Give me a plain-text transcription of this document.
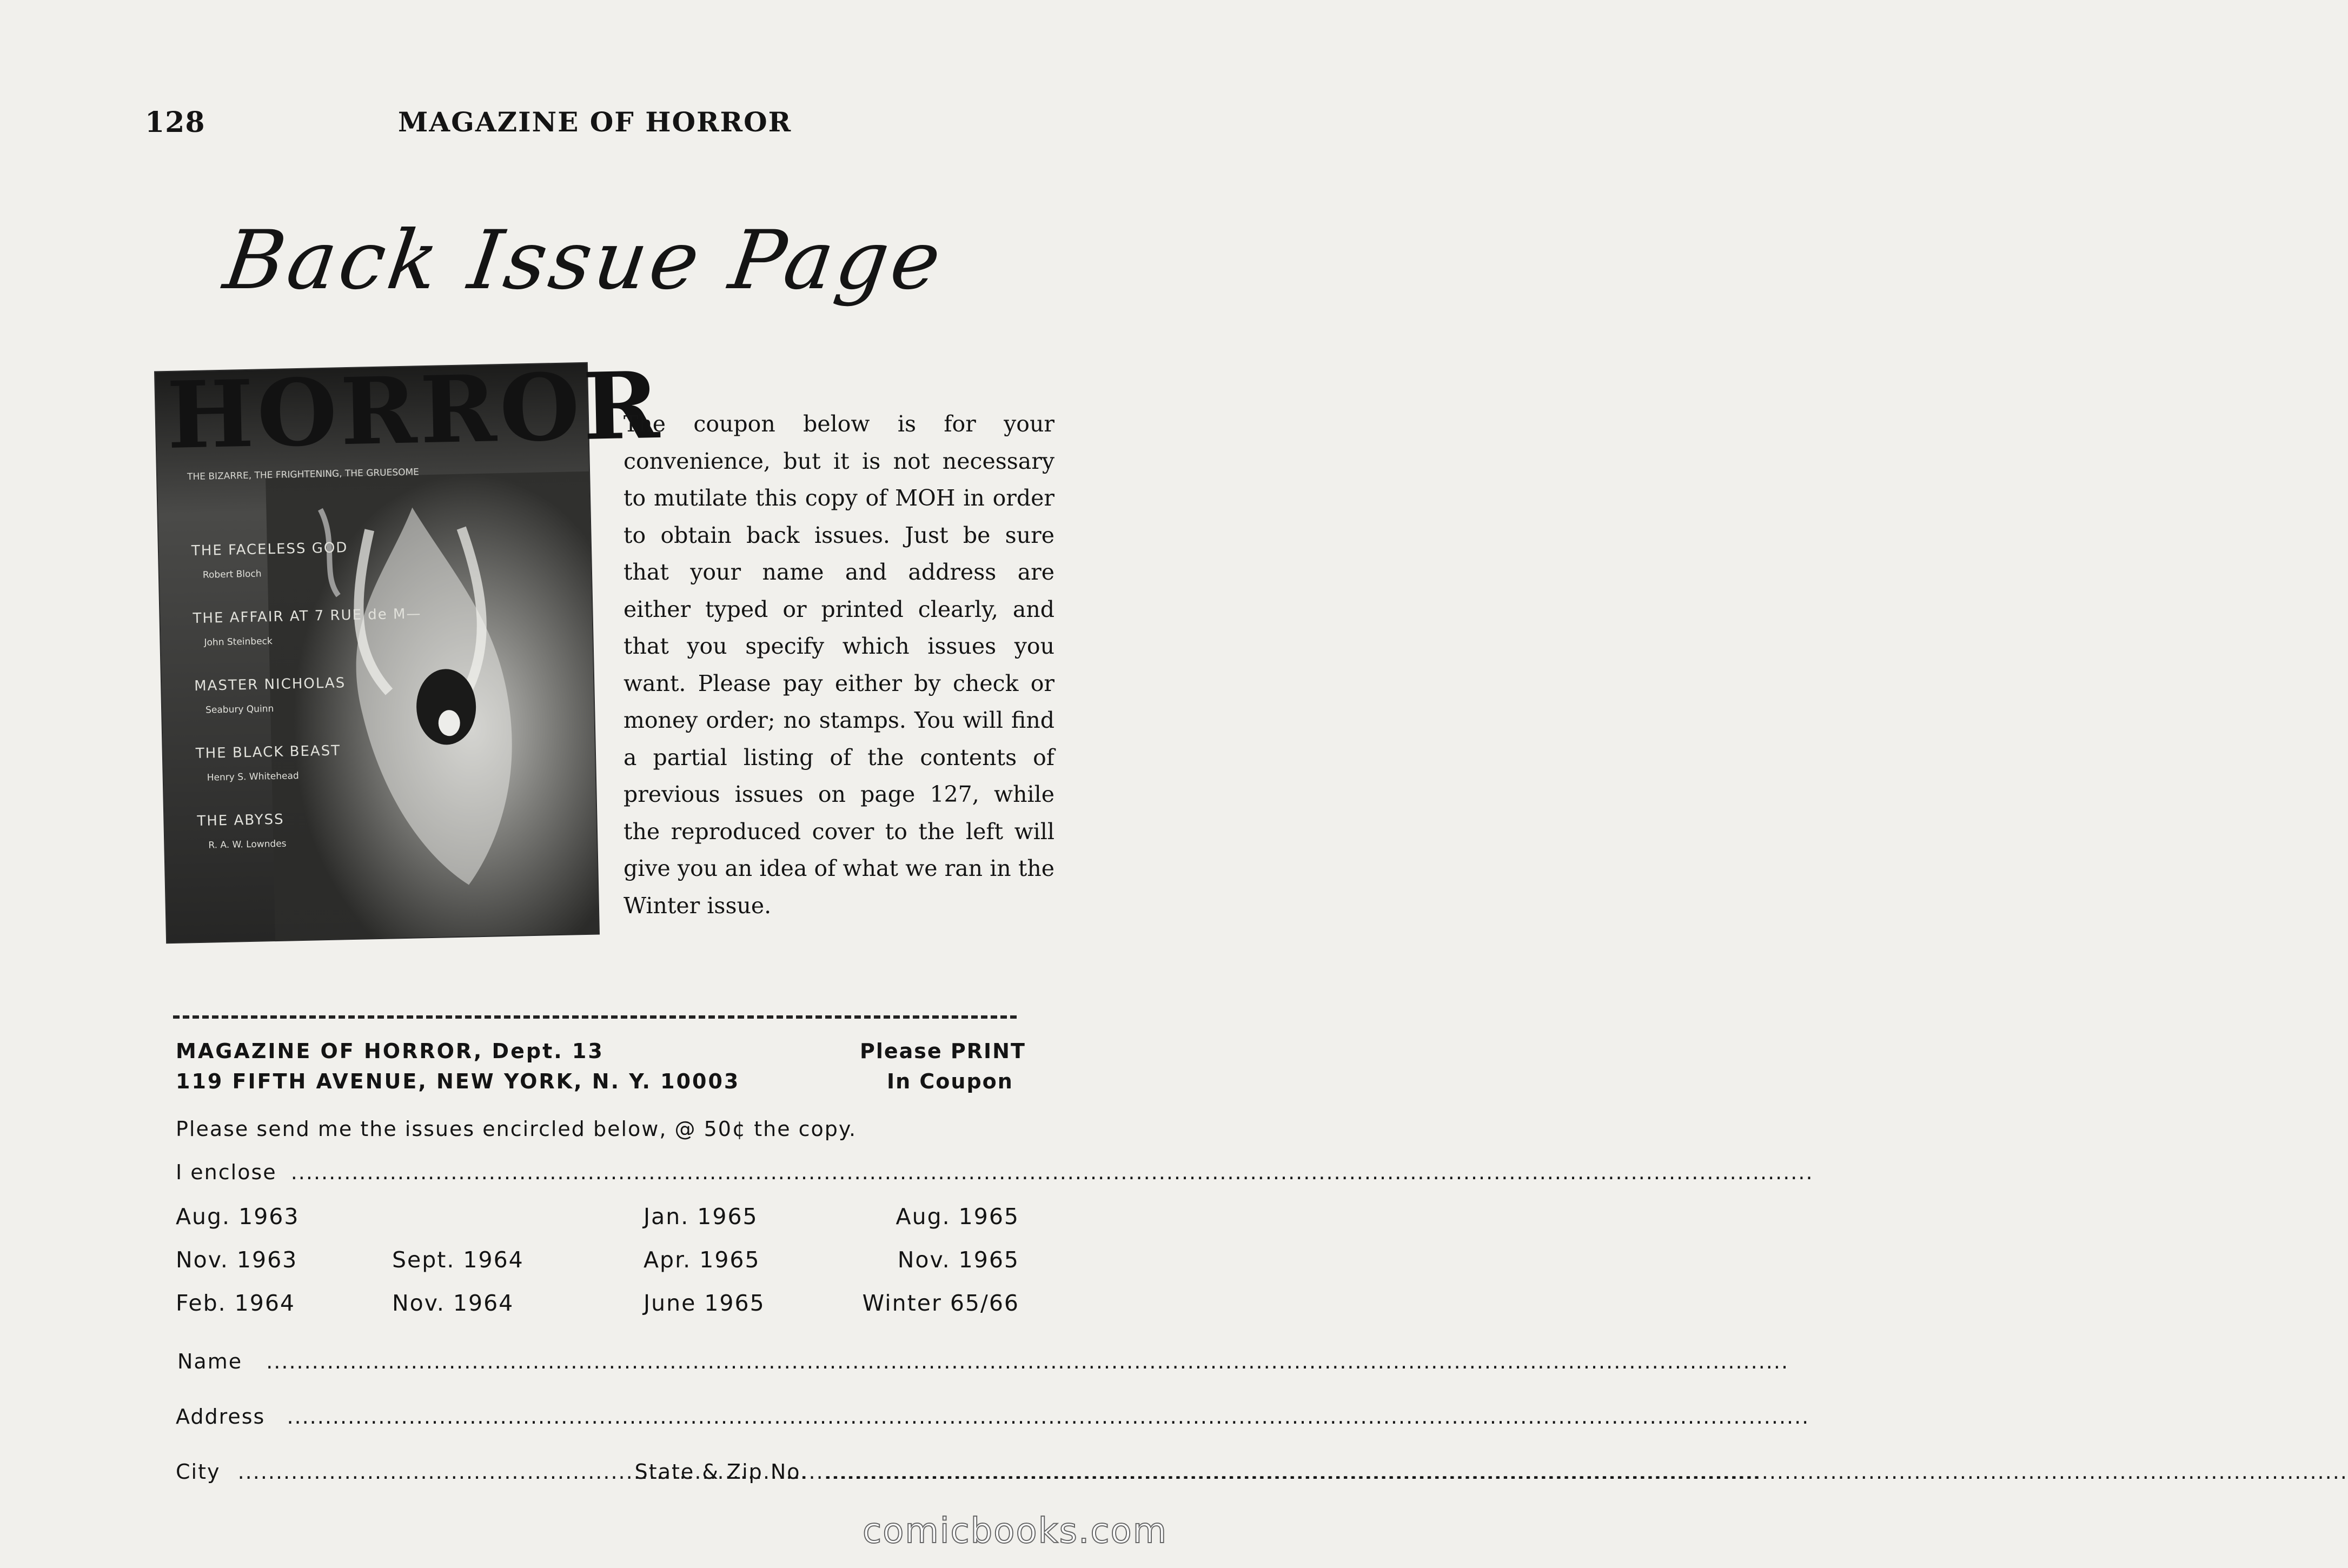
128	MAGAZINE OF HORROR
Back Issue Page
HORROR
THE BIZARRE, THE FRIGHTENING, THE GRUESOME
THE FACELESS GOD
Robert Bloch
THE AFFAIR AT 7 RUE de M—
John Steinbeck
MASTER NICHOLAS
Seabury Quinn
THE BLACK BEAST
Henry S. Whitehead
THE ABYSS
R. A. W. Lowndes
The coupon below is for your convenience, but it is not necessary to mutilate this copy of MOH in order to obtain back issues. Just be sure that your name and address are either typed or printed clearly, and that you specify which issues you want. Please pay either by check or money order; no stamps. You will find a partial listing of the contents of previous issues on page 127, while the reproduced cover to the left will give you an idea of what we ran in the Winter issue.
MAGAZINE OF HORROR, Dept. 13
119 FIFTH AVENUE, NEW YORK, N. Y. 10003
Please PRINT
In Coupon
Please send me the issues encircled below, @ 50¢ the copy.
I enclose .....
Aug. 1963
Nov. 1963
Feb. 1964
Sept. 1964
Nov. 1964
Jan. 1965
Apr. 1965
June 1965
Aug. 1965
Nov. 1965
Winter 65/66
Name .....
Address .....
City .....	State & Zip No. .....
comicbooks.com
